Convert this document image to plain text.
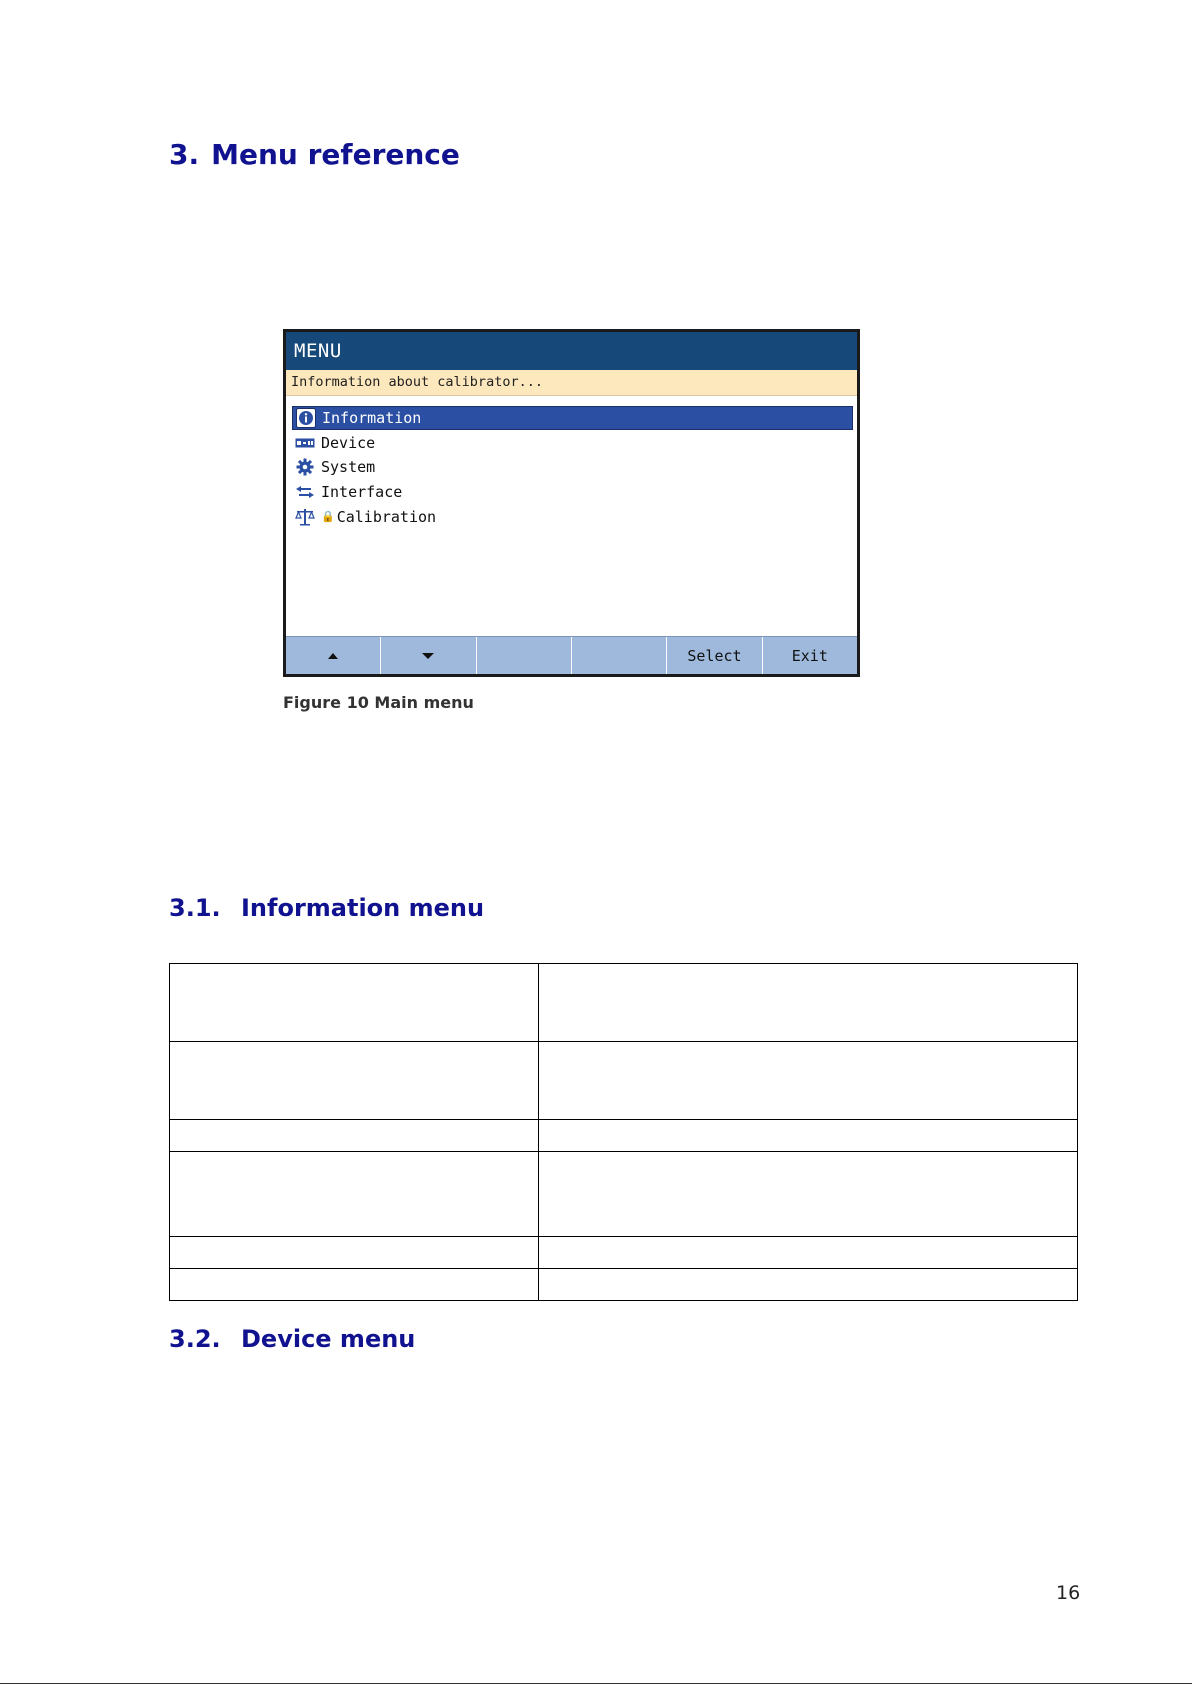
3. Menu reference
MENU
Information about calibrator...
Information
Device
System
Interface
🔒 Calibration
Select	Exit
Figure 10 Main menu
3.1. Information menu

3.2. Device menu
16
